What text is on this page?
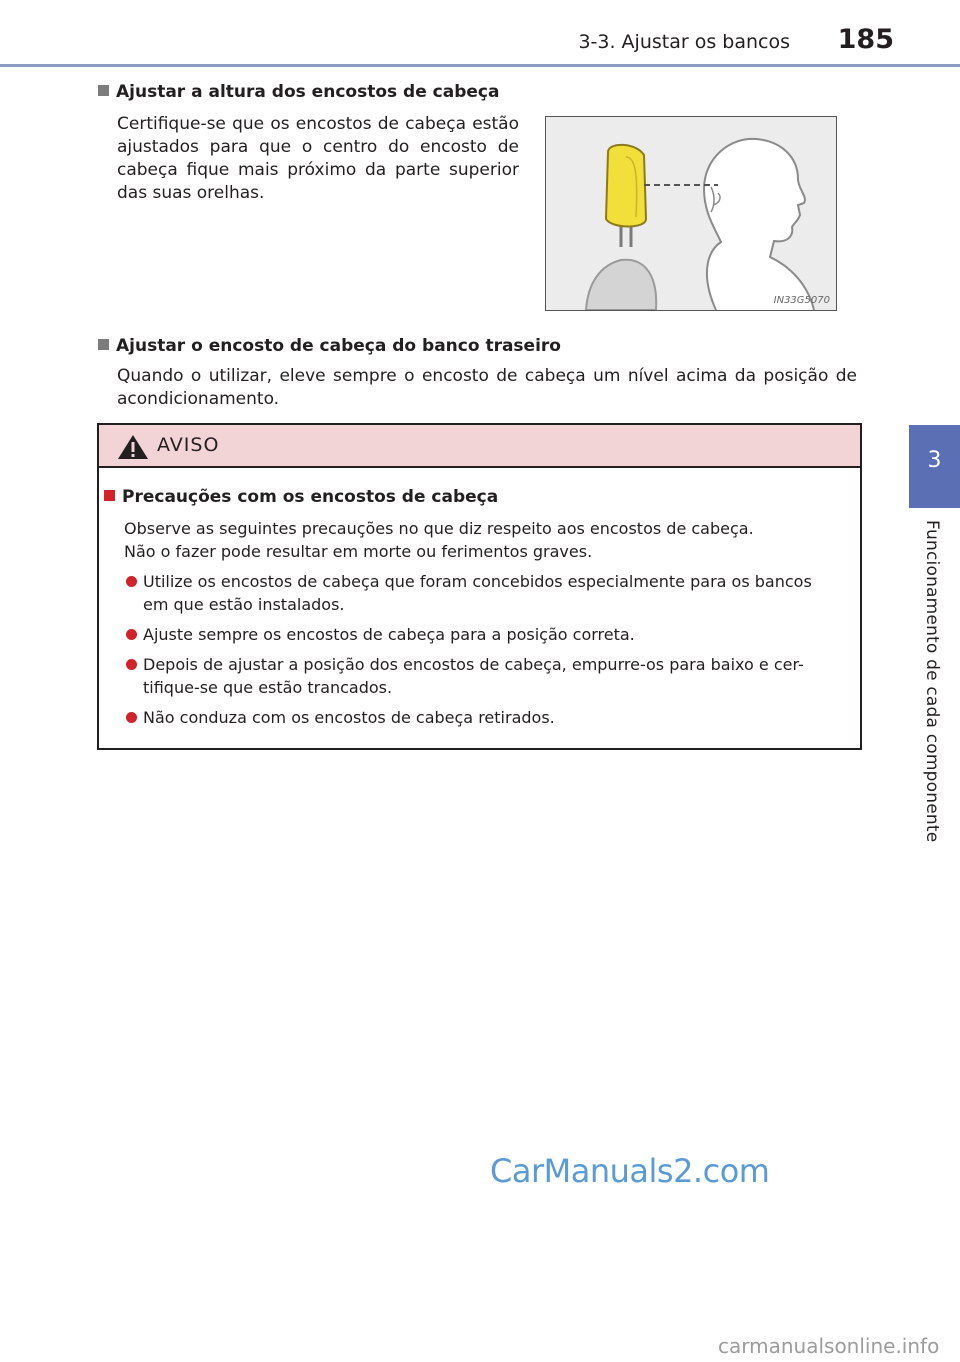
3-3. Ajustar os bancos 185
3
Funcionamento de cada componente
Ajustar a altura dos encostos de cabeça
Certifique-se que os encostos de cabeça estão ajustados para que o centro do encosto de cabeça fique mais próximo da parte superior das suas orelhas.
IN33G5070
Ajustar o encosto de cabeça do banco traseiro
Quando o utilizar, eleve sempre o encosto de cabeça um nível acima da posição de acondicionamento.
AVISO
Precauções com os encostos de cabeça
Observe as seguintes precauções no que diz respeito aos encostos de cabeça.
Não o fazer pode resultar em morte ou ferimentos graves.
Utilize os encostos de cabeça que foram concebidos especialmente para os bancos
em que estão instalados.
Ajuste sempre os encostos de cabeça para a posição correta.
Depois de ajustar a posição dos encostos de cabeça, empurre-os para baixo e cer-
tifique-se que estão trancados.
Não conduza com os encostos de cabeça retirados.
CarManuals2.com
carmanualsonline.info
